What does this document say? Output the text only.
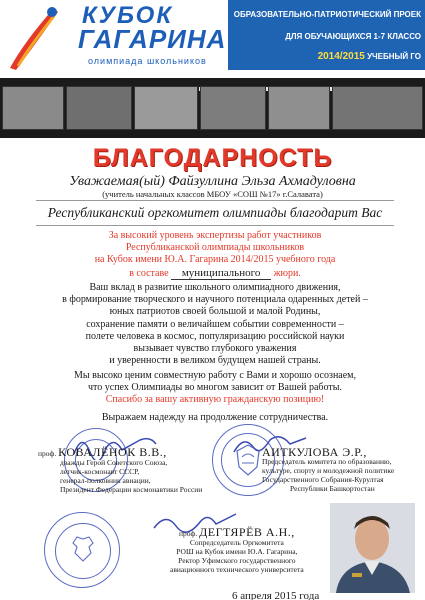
КУБОК
ГАГАРИНА
олимпиада школьников
ОБРАЗОВАТЕЛЬНО-ПАТРИОТИЧЕСКИЙ ПРОЕК
ДЛЯ ОБУЧАЮЩИХСЯ 1-7 КЛАССО
2014/2015 УЧЕБНЫЙ ГО
БЛАГОДАРНОСТЬ
Уважаемая(ый) Файзуллина Эльза Ахмадуловна
(учитель начальных классов МБОУ «СОШ №17» г.Салавата)
Республиканский оргкомитет олимпиады благодарит Вас
За высокий уровень экспертизы работ участников
Республиканской олимпиады школьников
на Кубок имени Ю.А. Гагарина 2014/2015 учебного года
в составе муниципального жюри.
Ваш вклад в развитие школьного олимпиадного движения,
в формирование творческого и научного потенциала одаренных детей –
юных патриотов своей большой и малой Родины,
сохранение памяти о величайшем событии современности –
полете человека в космос, популяризацию российской науки
вызывает чувство глубокого уважения
и уверенности в великом будущем нашей страны.
Мы высоко ценим совместную работу с Вами и хорошо осознаем,
что успех Олимпиады во многом зависит от Вашей работы.
Спасибо за вашу активную гражданскую позицию!
Выражаем надежду на продолжение сотрудничества.
проф. КОВАЛЁНОК В.В.,
дважды Герой Советского Союза,
летчик-космонавт СССР,
генерал-полковник авиации,
Президент Федерации космонавтики России
АИТКУЛОВА Э.Р.,
Председатель комитета по образованию,
культуре, спорту и молодежной политике
Государственного Собрания-Курултая
Республики Башкортостан
проф. ДЕГТЯРЁВ А.Н.,
Сопредседатель Оргкомитета
РОШ на Кубок имени Ю.А. Гагарина,
Ректор Уфимского государственного
авиационного технического университета
6 апреля 2015 года
